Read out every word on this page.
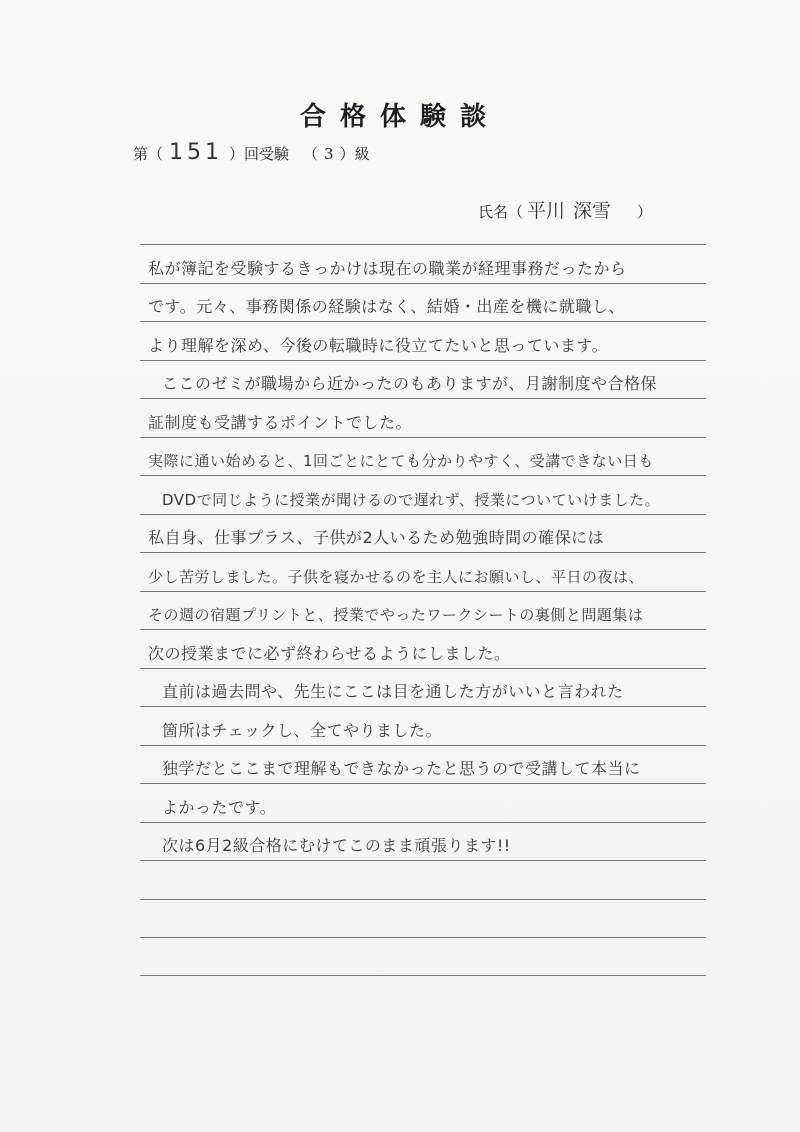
合格体験談
第（ 151 ）回受験 （ 3 ）級
氏名（ 平川 深雪 ）
私が簿記を受験するきっかけは現在の職業が経理事務だったから
です。元々、事務関係の経験はなく、結婚・出産を機に就職し、
より理解を深め、今後の転職時に役立てたいと思っています。
ここのゼミが職場から近かったのもありますが、月謝制度や合格保
証制度も受講するポイントでした。
実際に通い始めると、1回ごとにとても分かりやすく、受講できない日も
DVDで同じように授業が聞けるので遅れず、授業についていけました。
私自身、仕事プラス、子供が2人いるため勉強時間の確保には
少し苦労しました。子供を寝かせるのを主人にお願いし、平日の夜は、
その週の宿題プリントと、授業でやったワークシートの裏側と問題集は
次の授業までに必ず終わらせるようにしました。
直前は過去問や、先生にここは目を通した方がいいと言われた
箇所はチェックし、全てやりました。
独学だとここまで理解もできなかったと思うので受講して本当に
よかったです。
次は6月2級合格にむけてこのまま頑張ります!!
